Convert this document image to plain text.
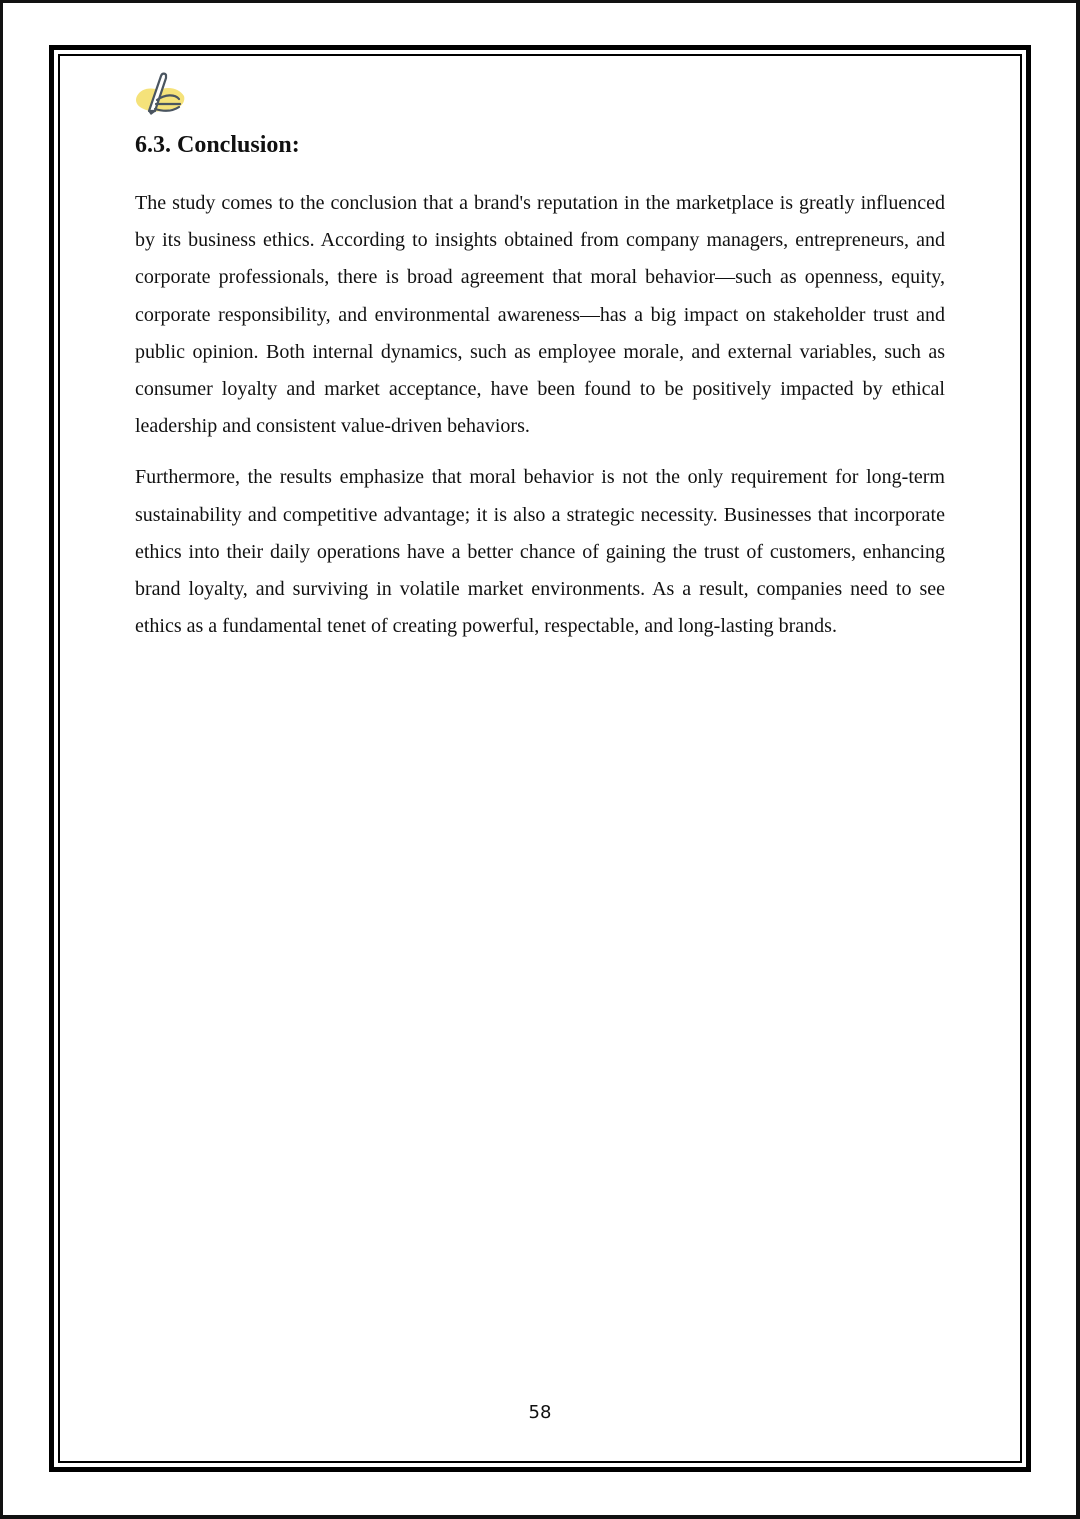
6.3. Conclusion:

The study comes to the conclusion that a brand's reputation in the marketplace is greatly influenced by its business ethics. According to insights obtained from company managers, entrepreneurs, and corporate professionals, there is broad agreement that moral behavior—such as openness, equity, corporate responsibility, and environmental awareness—has a big impact on stakeholder trust and public opinion. Both internal dynamics, such as employee morale, and external variables, such as consumer loyalty and market acceptance, have been found to be positively impacted by ethical leadership and consistent value-driven behaviors.

Furthermore, the results emphasize that moral behavior is not the only requirement for long-term sustainability and competitive advantage; it is also a strategic necessity. Businesses that incorporate ethics into their daily operations have a better chance of gaining the trust of customers, enhancing brand loyalty, and surviving in volatile market environments. As a result, companies need to see ethics as a fundamental tenet of creating powerful, respectable, and long-lasting brands.

58
